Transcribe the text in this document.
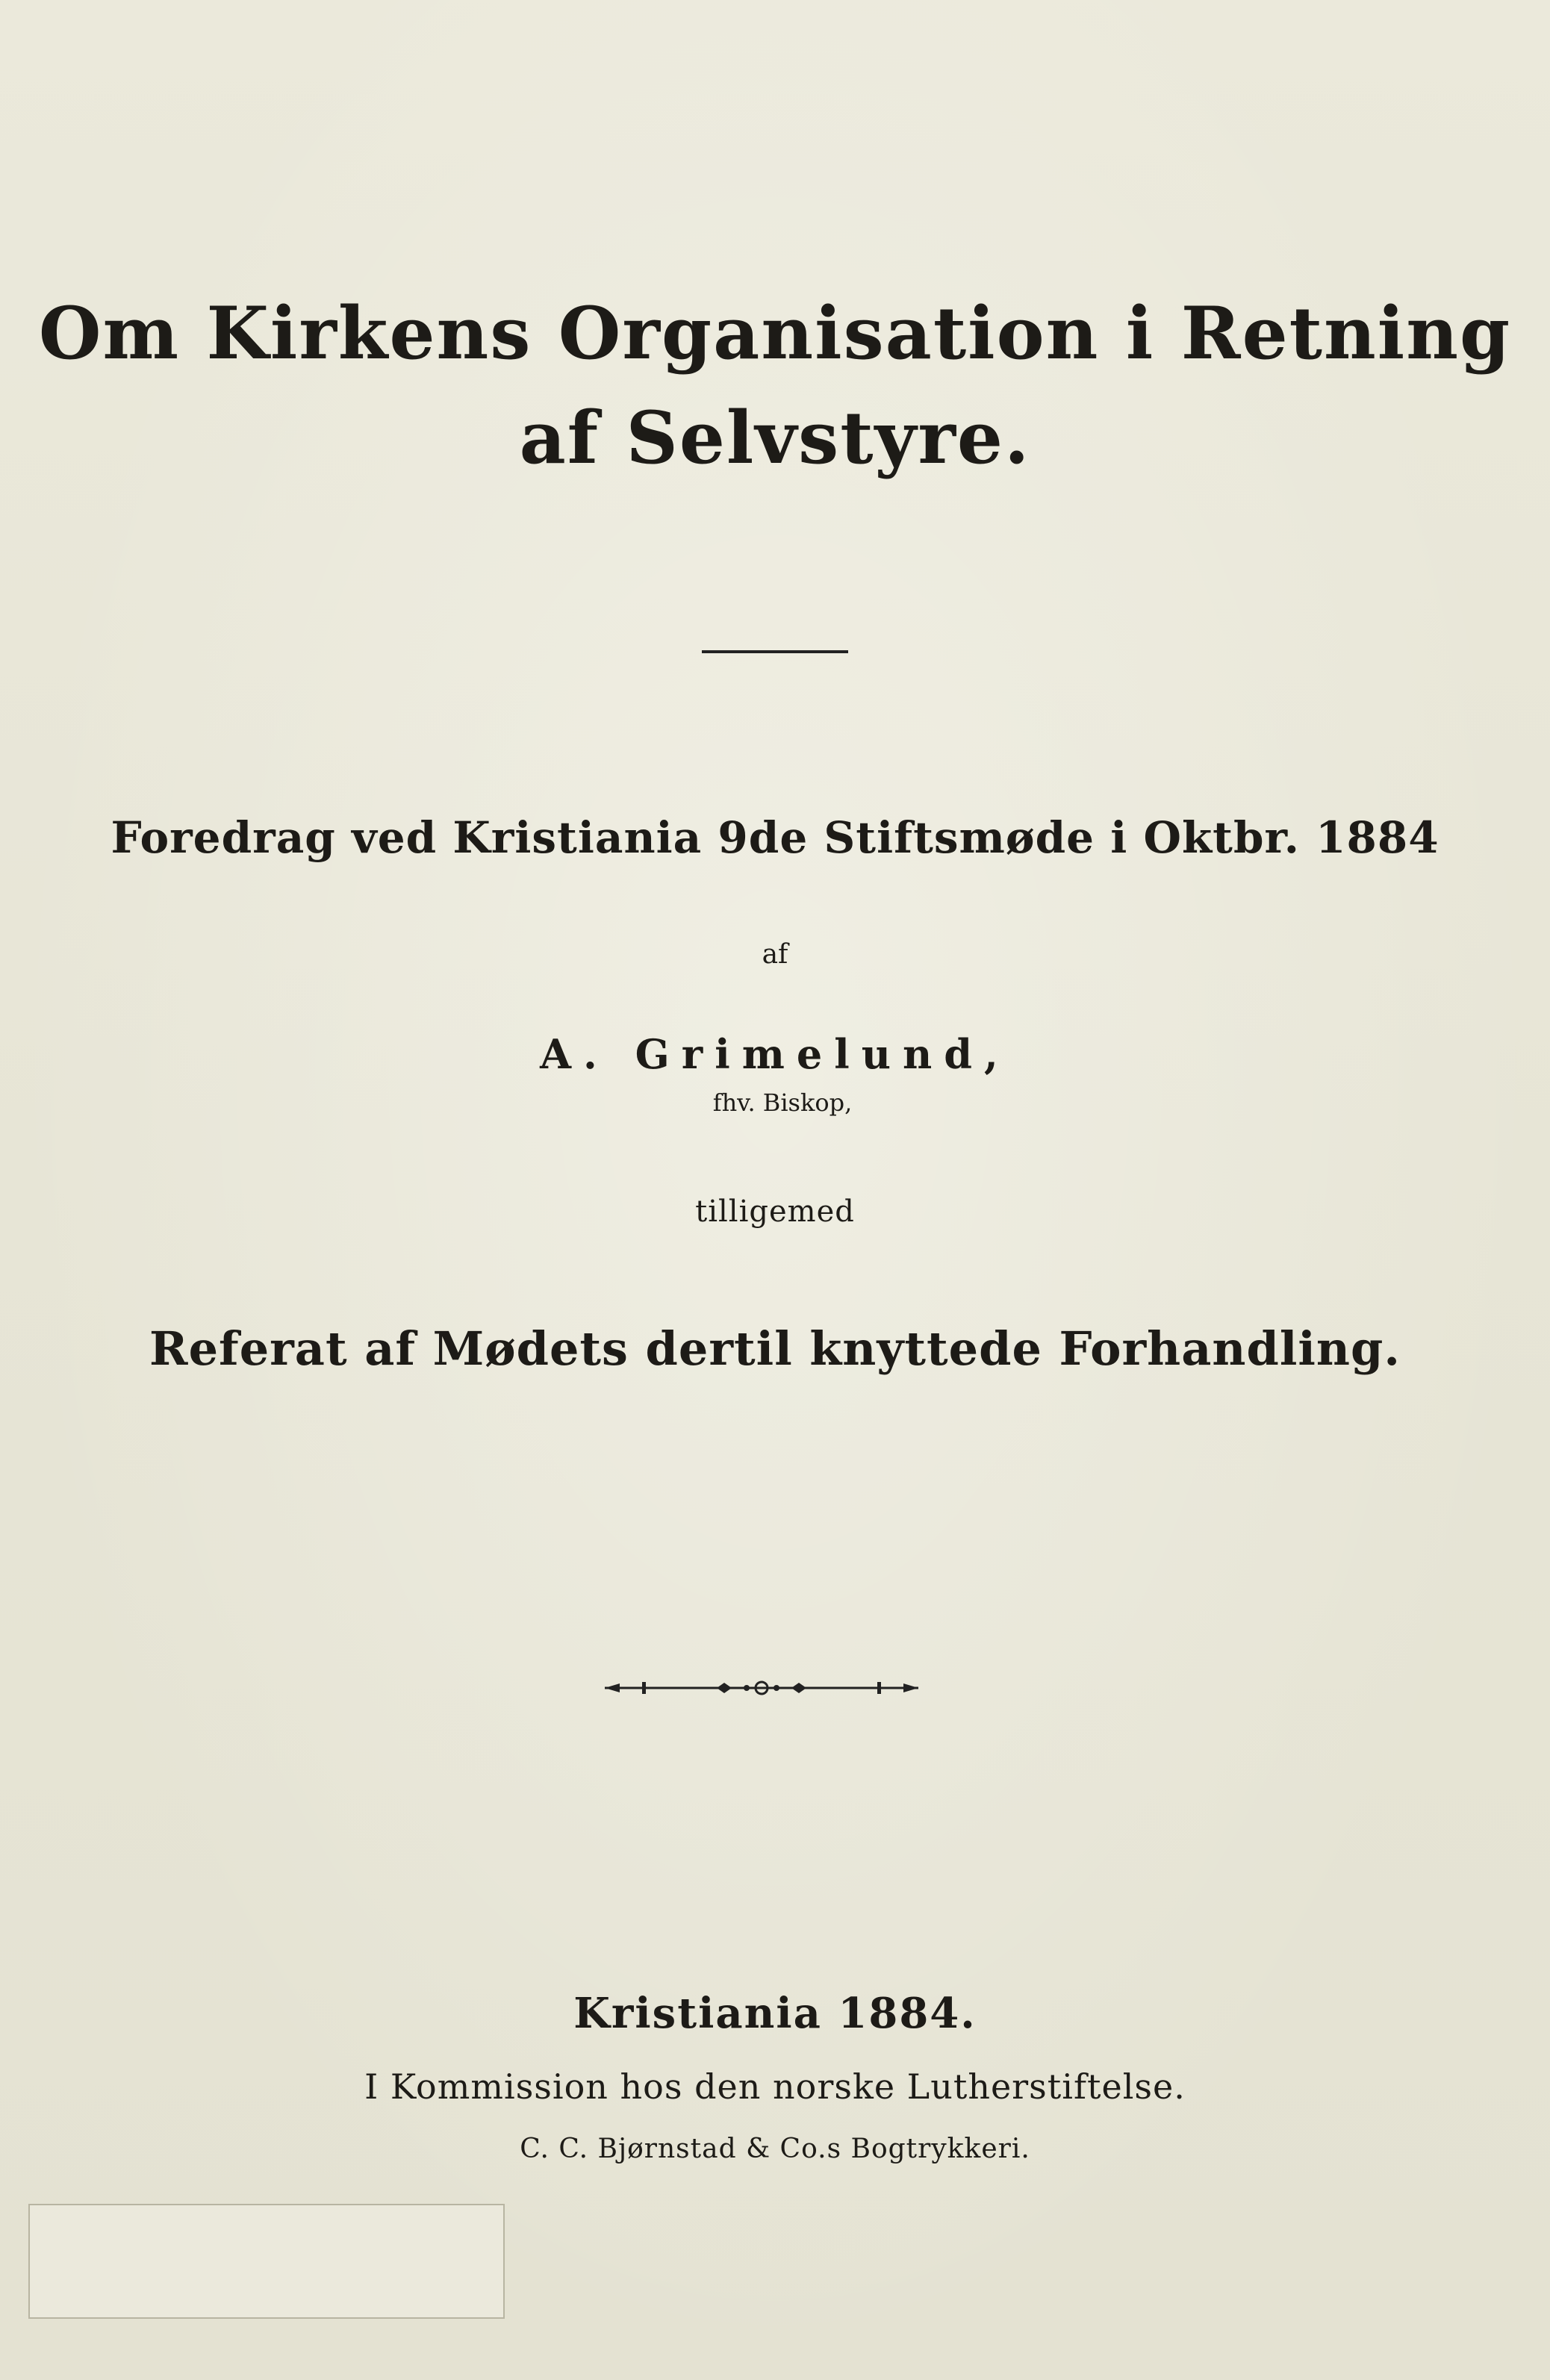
Om Kirkens Organisation i Retning
af Selvstyre.
Foredrag ved Kristiania 9de Stiftsmøde i Oktbr. 1884
af
A. Grimelund,
fhv. Biskop,
tilligemed
Referat af Mødets dertil knyttede Forhandling.
Kristiania 1884.
I Kommission hos den norske Lutherstiftelse.
C. C. Bjørnstad & Co.s Bogtrykkeri.
